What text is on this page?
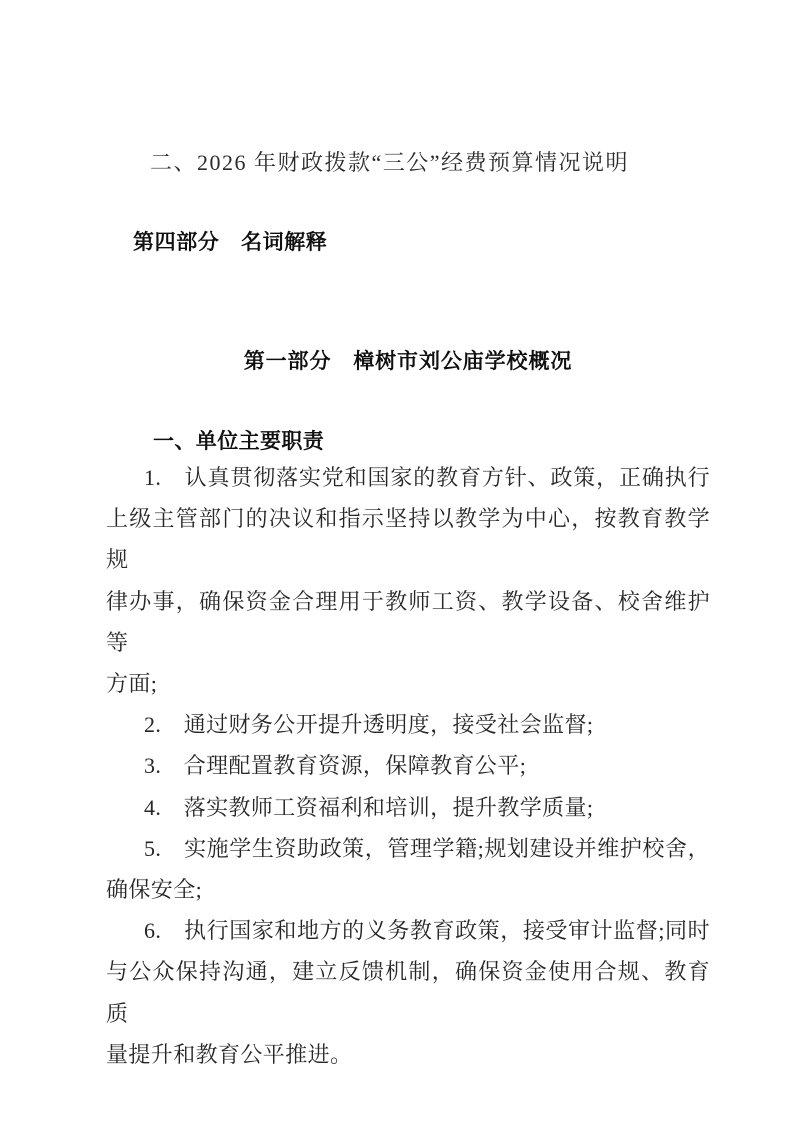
二、2026 年财政拨款“三公”经费预算情况说明
第四部分　名词解释
第一部分　樟树市刘公庙学校概况
一、单位主要职责
1.　认真贯彻落实党和国家的教育方针、政策，正确执行
上级主管部门的决议和指示坚持以教学为中心，按教育教学规
律办事，确保资金合理用于教师工资、教学设备、校舍维护等
方面;
2.　通过财务公开提升透明度，接受社会监督;
3.　合理配置教育资源，保障教育公平;
4.　落实教师工资福利和培训，提升教学质量;
5.　实施学生资助政策，管理学籍;规划建设并维护校舍，
确保安全;
6.　执行国家和地方的义务教育政策，接受审计监督;同时
与公众保持沟通，建立反馈机制，确保资金使用合规、教育质
量提升和教育公平推进。
